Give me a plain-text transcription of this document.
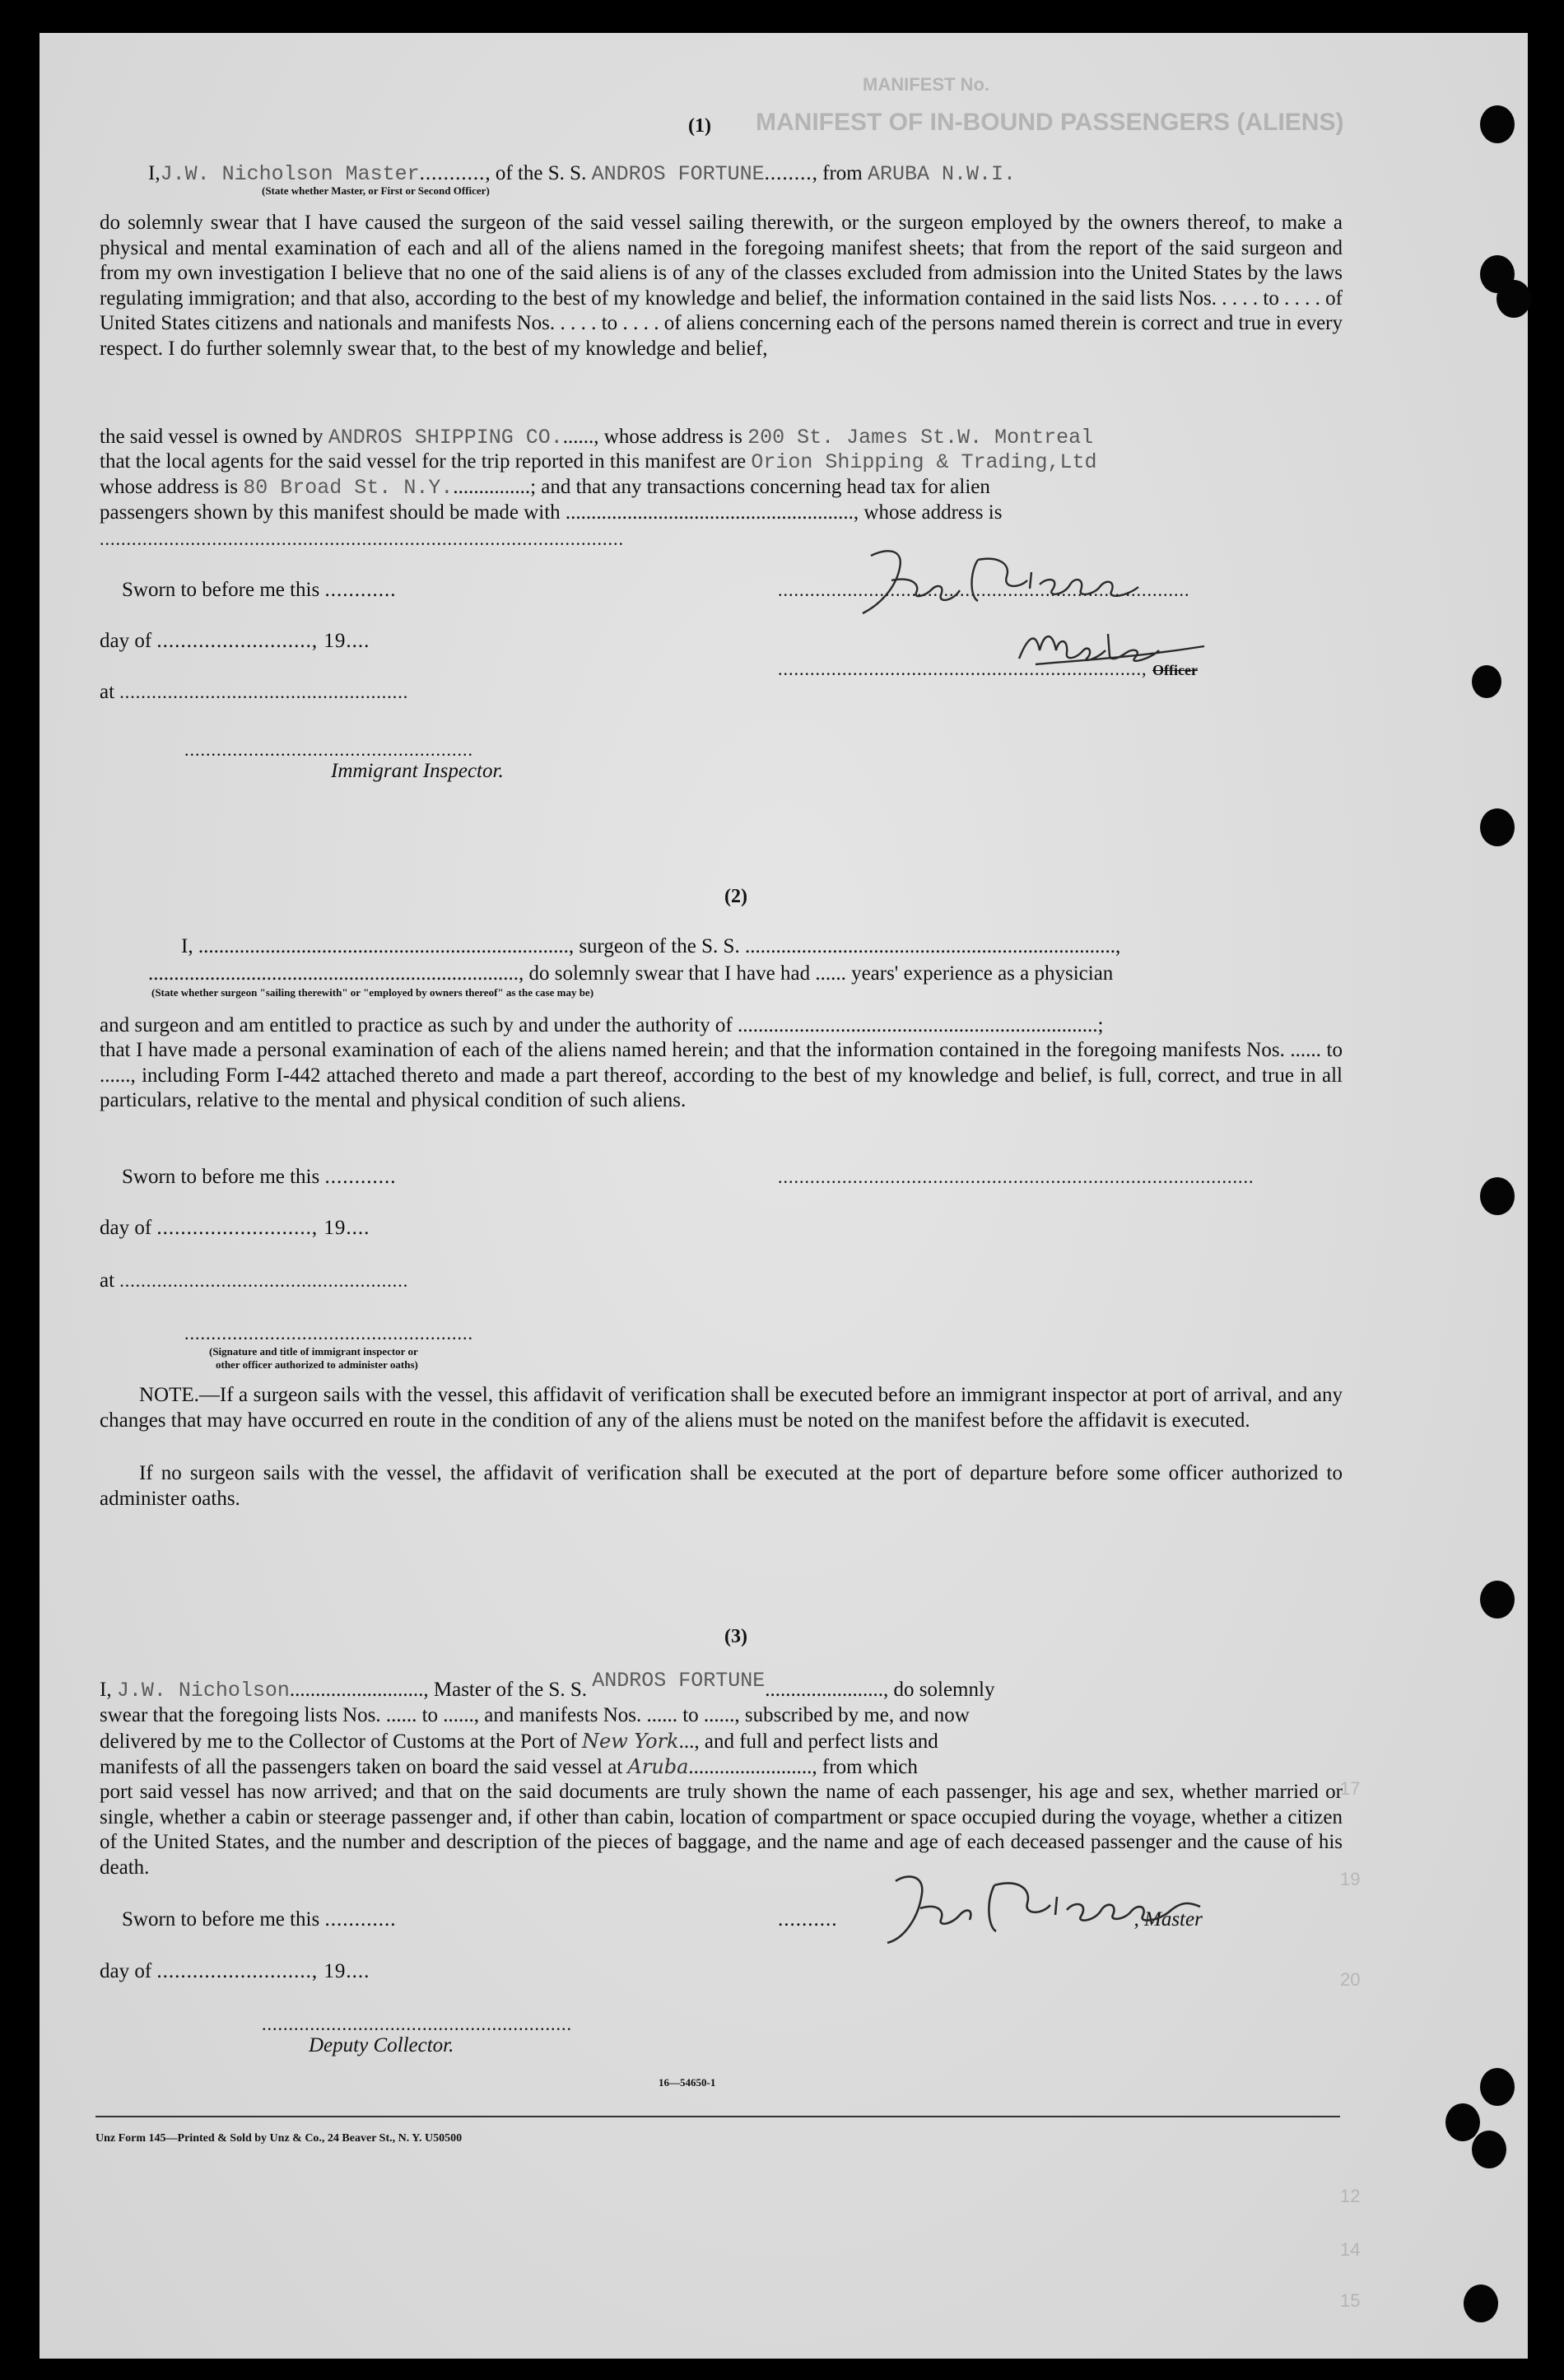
MANIFEST No.
MANIFEST OF IN-BOUND PASSENGERS (ALIENS)
17
19
20
12
14
15
(1)
I,J.W. Nicholson Master..........., of the S. S. ANDROS FORTUNE........, from ARUBA N.W.I.
(State whether Master, or First or Second Officer)
do solemnly swear that I have caused the surgeon of the said vessel sailing therewith, or the surgeon employed by the owners thereof, to make a physical and mental examination of each and all of the aliens named in the foregoing manifest sheets; that from the report of the said surgeon and from my own investigation I believe that no one of the said aliens is of any of the classes excluded from admission into the United States by the laws regulating immigration; and that also, according to the best of my knowledge and belief, the information contained in the said lists Nos. . . . . to . . . . of United States citizens and nationals and manifests Nos. . . . . to . . . . of aliens concerning each of the persons named therein is correct and true in every respect. I do further solemnly swear that, to the best of my knowledge and belief,
the said vessel is owned by ANDROS SHIPPING CO......., whose address is 200 St. James St.W. Montreal
that the local agents for the said vessel for the trip reported in this manifest are Orion Shipping & Trading,Ltd
whose address is 80 Broad St. N.Y................; and that any transactions concerning head tax for alien
passengers shown by this manifest should be made with ........................................................, whose address is
..................................................................................................
Sworn to before me this ............	.............................................................................
day of .........................., 19....
at ......................................................
...................................................................., Officer
......................................................
Immigrant Inspector.
(2)
I, ........................................................................, surgeon of the S. S. ........................................................................,
........................................................................, do solemnly swear that I have had ...... years' experience as a physician
(State whether surgeon "sailing therewith" or "employed by owners thereof" as the case may be)
and surgeon and am entitled to practice as such by and under the authority of ......................................................................;
that I have made a personal examination of each of the aliens named herein; and that the information contained in the foregoing manifests Nos. ...... to ......, including Form I-442 attached thereto and made a part thereof, according to the best of my knowledge and belief, is full, correct, and true in all particulars, relative to the mental and physical condition of such aliens.
Sworn to before me this ............	.........................................................................................
day of .........................., 19....
at ......................................................
......................................................
(Signature and title of immigrant inspector or
other officer authorized to administer oaths)
NOTE.—If a surgeon sails with the vessel, this affidavit of verification shall be executed before an immigrant inspector at port of arrival, and any changes that may have occurred en route in the condition of any of the aliens must be noted on the manifest before the affidavit is executed.
If no surgeon sails with the vessel, the affidavit of verification shall be executed at the port of departure before some officer authorized to administer oaths.
(3)
I, J.W. Nicholson.........................., Master of the S. S. ANDROS FORTUNE......................., do solemnly
swear that the foregoing lists Nos. ...... to ......, and manifests Nos. ...... to ......, subscribed by me, and now
delivered by me to the Collector of Customs at the Port of New York..., and full and perfect lists and
manifests of all the passengers taken on board the said vessel at Aruba........................, from which
port said vessel has now arrived; and that on the said documents are truly shown the name of each passenger, his age and sex, whether married or single, whether a cabin or steerage passenger and, if other than cabin, location of compartment or space occupied during the voyage, whether a citizen of the United States, and the number and description of the pieces of baggage, and the name and age of each deceased passenger and the cause of his death.
Sworn to before me this ............	..........	, Master
day of .........................., 19....
..........................................................
Deputy Collector.
16—54650-1
Unz Form 145—Printed & Sold by Unz & Co., 24 Beaver St., N. Y. U50500
